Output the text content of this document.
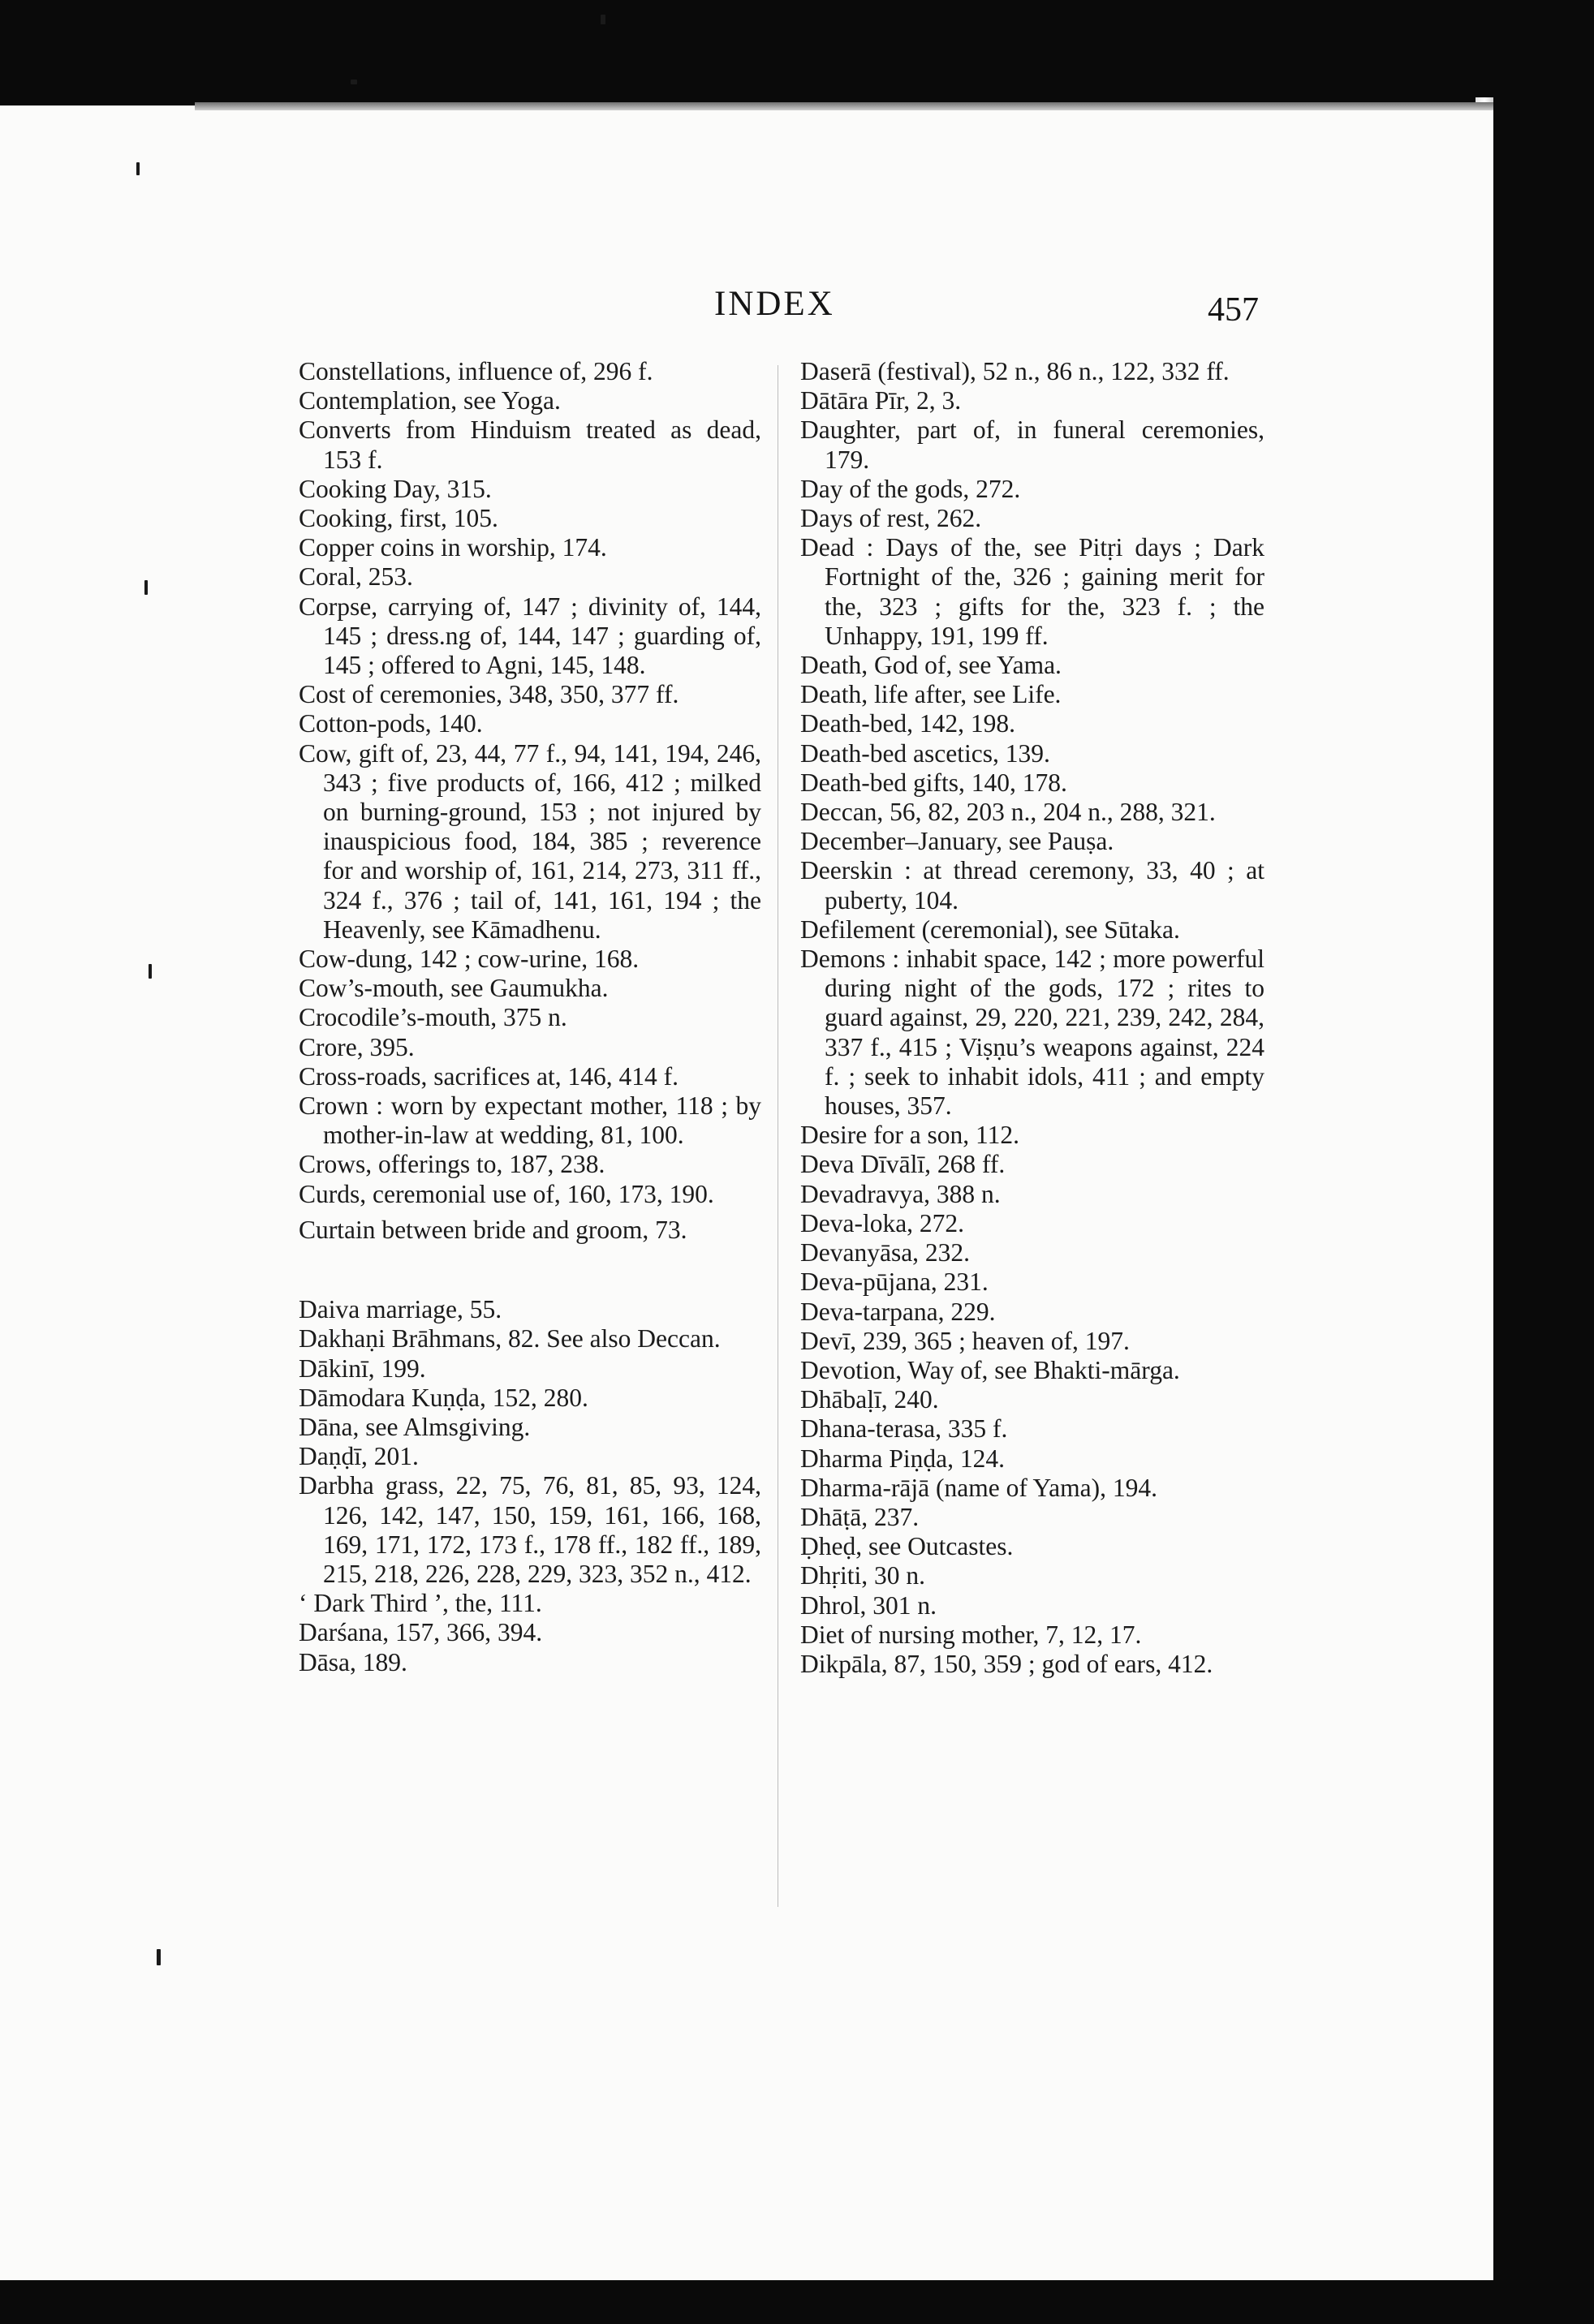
INDEX	457

Constellations, influence of, 296 f.

Contemplation, see Yoga.

Converts from Hinduism treated as dead, 153 f.

Cooking Day, 315.

Cooking, first, 105.

Copper coins in worship, 174.

Coral, 253.

Corpse, carrying of, 147 ; divinity of, 144, 145 ; dress.ng of, 144, 147 ; guarding of, 145 ; offered to Agni, 145, 148.

Cost of ceremonies, 348, 350, 377 ff.

Cotton-pods, 140.

Cow, gift of, 23, 44, 77 f., 94, 141, 194, 246, 343 ; five products of, 166, 412 ; milked on burning-ground, 153 ; not injured by inauspicious food, 184, 385 ; reverence for and worship of, 161, 214, 273, 311 ff., 324 f., 376 ; tail of, 141, 161, 194 ; the Heavenly, see Kāmadhenu.

Cow-dung, 142 ; cow-urine, 168.

Cow’s-mouth, see Gaumukha.

Crocodile’s-mouth, 375 n.

Crore, 395.

Cross-roads, sacrifices at, 146, 414 f.

Crown : worn by expectant mother, 118 ; by mother-in-law at wedding, 81, 100.

Crows, offerings to, 187, 238.

Curds, ceremonial use of, 160, 173, 190.

Curtain between bride and groom, 73.

Daiva marriage, 55.

Dakhaṇi Brāhmans, 82. See also Deccan.

Dākinī, 199.

Dāmodara Kuṇḍa, 152, 280.

Dāna, see Almsgiving.

Daṇḍī, 201.

Darbha grass, 22, 75, 76, 81, 85, 93, 124, 126, 142, 147, 150, 159, 161, 166, 168, 169, 171, 172, 173 f., 178 ff., 182 ff., 189, 215, 218, 226, 228, 229, 323, 352 n., 412.

‘ Dark Third ’, the, 111.

Darśana, 157, 366, 394.

Dāsa, 189.

Daserā (festival), 52 n., 86 n., 122, 332 ff.

Dātāra Pīr, 2, 3.

Daughter, part of, in funeral ceremonies, 179.

Day of the gods, 272.

Days of rest, 262.

Dead : Days of the, see Pitṛi days ; Dark Fortnight of the, 326 ; gaining merit for the, 323 ; gifts for the, 323 f. ; the Unhappy, 191, 199 ff.

Death, God of, see Yama.

Death, life after, see Life.

Death-bed, 142, 198.

Death-bed ascetics, 139.

Death-bed gifts, 140, 178.

Deccan, 56, 82, 203 n., 204 n., 288, 321.

December–January, see Pauṣa.

Deerskin : at thread ceremony, 33, 40 ; at puberty, 104.

Defilement (ceremonial), see Sūtaka.

Demons : inhabit space, 142 ; more powerful during night of the gods, 172 ; rites to guard against, 29, 220, 221, 239, 242, 284, 337 f., 415 ; Viṣṇu’s weapons against, 224 f. ; seek to inhabit idols, 411 ; and empty houses, 357.

Desire for a son, 112.

Deva Dīvālī, 268 ff.

Devadravya, 388 n.

Deva-loka, 272.

Devanyāsa, 232.

Deva-pūjana, 231.

Deva-tarpana, 229.

Devī, 239, 365 ; heaven of, 197.

Devotion, Way of, see Bhakti-mārga.

Dhābaḷī, 240.

Dhana-terasa, 335 f.

Dharma Piṇḍa, 124.

Dharma-rājā (name of Yama), 194.

Dhāṭā, 237.

Ḍheḍ, see Outcastes.

Dhṛiti, 30 n.

Dhrol, 301 n.

Diet of nursing mother, 7, 12, 17.

Dikpāla, 87, 150, 359 ; god of ears, 412.
